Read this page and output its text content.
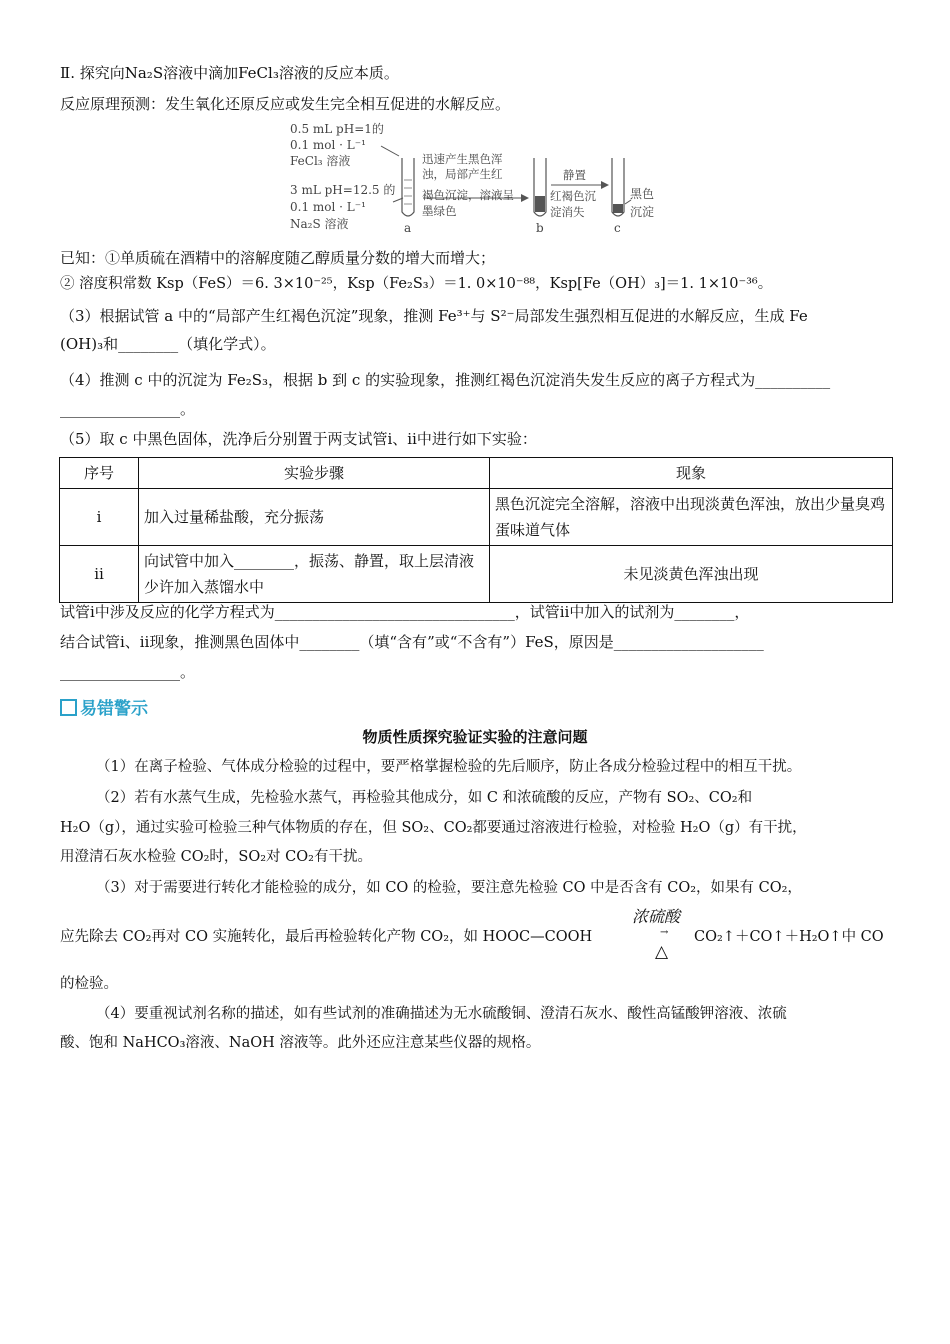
Ⅱ. 探究向Na₂S溶液中滴加FeCl₃溶液的反应本质。
反应原理预测：发生氧化还原反应或发生完全相互促进的水解反应。
0.5 mL pH=1的
0.1 mol · L⁻¹
FeCl₃ 溶液
3 mL pH=12.5 的
0.1 mol · L⁻¹
Na₂S 溶液
迅速产生黑色浑
浊，局部产生红
褐色沉淀，溶液呈
墨绿色
静置
红褐色沉
淀消失
黑色
沉淀
a	b	c
已知：①单质硫在酒精中的溶解度随乙醇质量分数的增大而增大；
② 溶度积常数 Ksp（FeS）＝6. 3×10⁻²⁵，Ksp（Fe₂S₃）＝1. 0×10⁻⁸⁸，Ksp[Fe（OH）₃]＝1. 1×10⁻³⁶。
（3）根据试管 a 中的“局部产生红褐色沉淀”现象，推测 Fe³⁺与 S²⁻局部发生强烈相互促进的水解反应，生成 Fe
(OH)₃和________（填化学式）。
（4）推测 c 中的沉淀为 Fe₂S₃，根据 b 到 c 的实验现象，推测红褐色沉淀消失发生反应的离子方程式为__________
________________。
（5）取 c 中黑色固体，洗净后分别置于两支试管ⅰ、ⅱ中进行如下实验：
序号	实验步骤	现象
ⅰ	加入过量稀盐酸，充分振荡	黑色沉淀完全溶解，溶液中出现淡黄色浑浊，放出少量臭鸡蛋味道气体
ⅱ	向试管中加入________，振荡、静置，取上层清液少许加入蒸馏水中	未见淡黄色浑浊出现
试管ⅰ中涉及反应的化学方程式为________________________________，试管ⅱ中加入的试剂为________，
结合试管ⅰ、ⅱ现象，推测黑色固体中________（填“含有”或“不含有”）FeS，原因是____________________
________________。
易错警示
物质性质探究验证实验的注意问题
（1）在离子检验、气体成分检验的过程中，要严格掌握检验的先后顺序，防止各成分检验过程中的相互干扰。
（2）若有水蒸气生成，先检验水蒸气，再检验其他成分，如 C 和浓硫酸的反应，产物有 SO₂、CO₂和
H₂O（g），通过实验可检验三种气体物质的存在，但 SO₂、CO₂都要通过溶液进行检验，对检验 H₂O（g）有干扰，
用澄清石灰水检验 CO₂时，SO₂对 CO₂有干扰。
（3）对于需要进行转化才能检验的成分，如 CO 的检验，要注意先检验 CO 中是否含有 CO₂，如果有 CO₂，
应先除去 CO₂再对 CO 实施转化，最后再检验转化产物 CO₂，如 HOOC—COOH
浓硫酸
→
△
CO₂↑＋CO↑＋H₂O↑中 CO
的检验。
（4）要重视试剂名称的描述，如有些试剂的准确描述为无水硫酸铜、澄清石灰水、酸性高锰酸钾溶液、浓硫
酸、饱和 NaHCO₃溶液、NaOH 溶液等。此外还应注意某些仪器的规格。
